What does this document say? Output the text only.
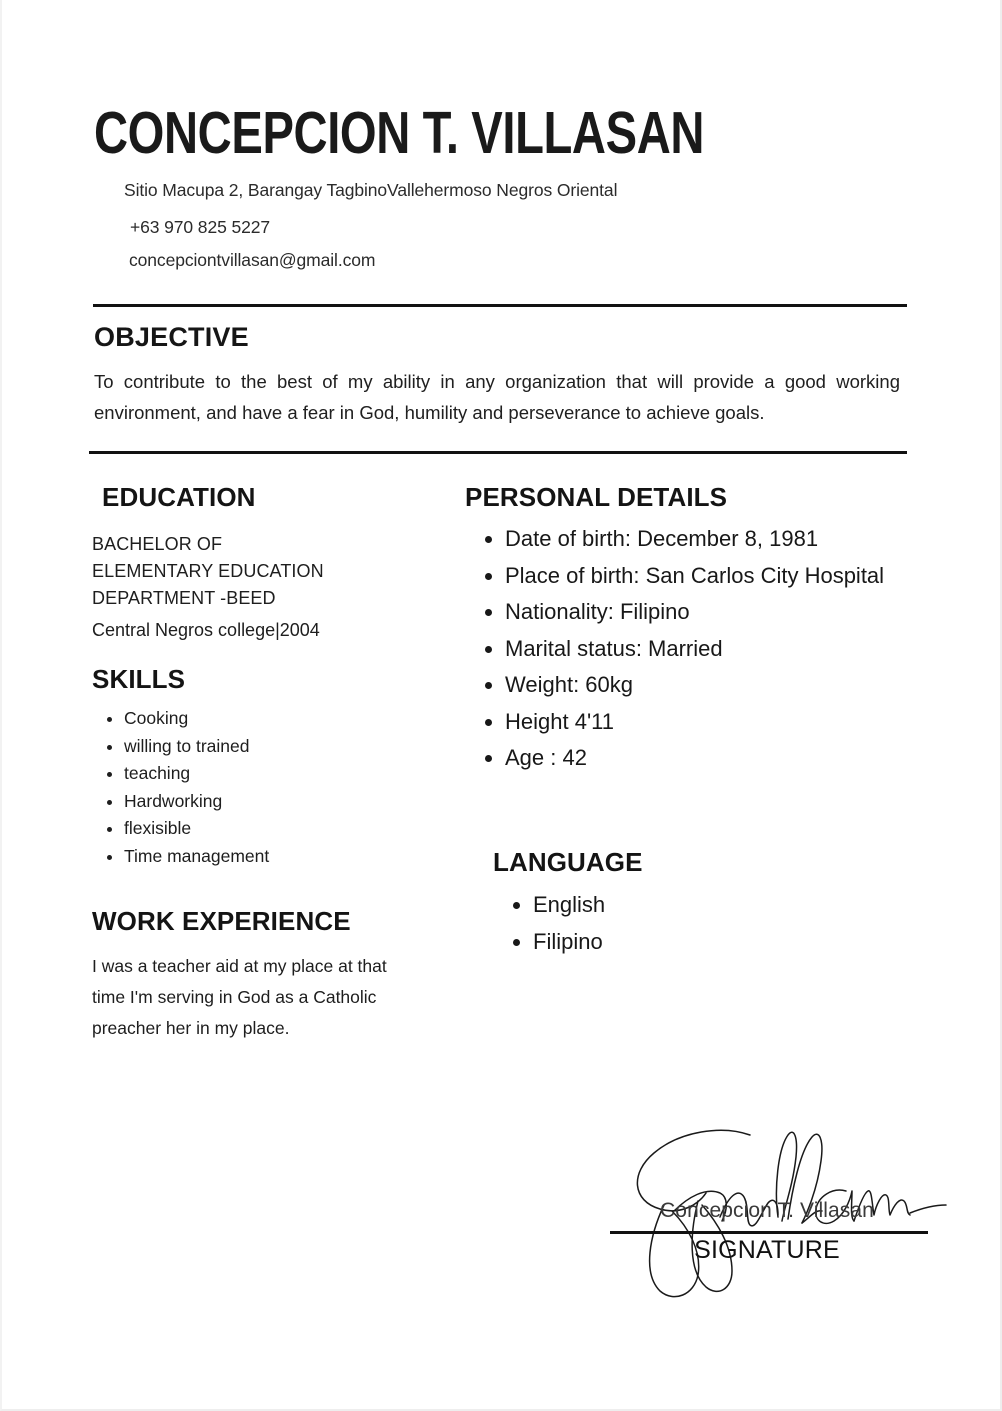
CONCEPCION T. VILLASAN
Sitio Macupa 2, Barangay TagbinoVallehermoso Negros Oriental
+63 970 825 5227
concepciontvillasan@gmail.com
OBJECTIVE
To contribute to the best of my ability in any organization that will provide a good working environment, and have a fear in God, humility and perseverance to achieve goals.
EDUCATION
BACHELOR OF
ELEMENTARY EDUCATION
DEPARTMENT -BEED
Central Negros college|2004
SKILLS
• Cooking
• willing to trained
• teaching
• Hardworking
• flexisible
• Time management
WORK EXPERIENCE
I was a teacher aid at my place at that time I'm serving in God as a Catholic preacher her in my place.
PERSONAL DETAILS
• Date of birth: December 8, 1981
• Place of birth: San Carlos City Hospital
• Nationality: Filipino
• Marital status: Married
• Weight: 60kg
• Height 4'11
• Age : 42
LANGUAGE
• English
• Filipino
Concepcion T. Villasan
SIGNATURE
